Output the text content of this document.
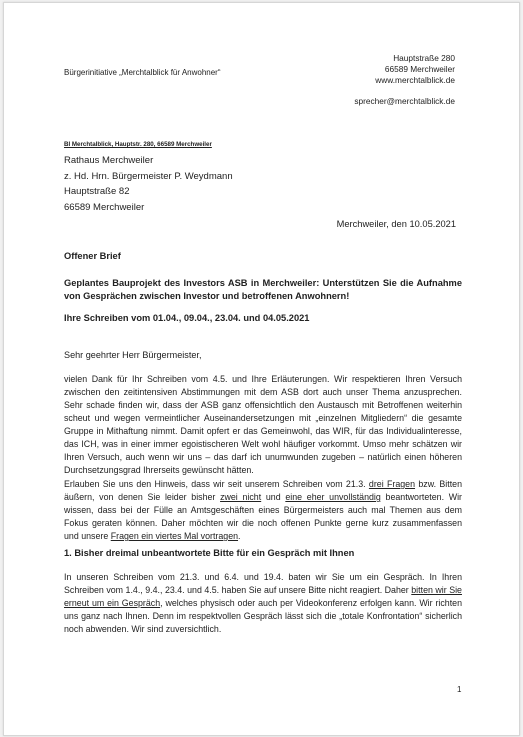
Bürgerinitiative „Merchtalblick für Anwohner“
Hauptstraße 280
66589 Merchweiler
www.merchtalblick.de
sprecher@merchtalblick.de
BI Merchtalblick, Hauptstr. 280, 66589 Merchweiler
Rathaus Merchweiler
z. Hd. Hrn. Bürgermeister P. Weydmann
Hauptstraße 82
66589 Merchweiler
Merchweiler, den 10.05.2021
Offener Brief
Geplantes Bauprojekt des Investors ASB in Merchweiler: Unterstützen Sie die Aufnahme von Gesprächen zwischen Investor und betroffenen Anwohnern!
Ihre Schreiben vom 01.04., 09.04., 23.04. und 04.05.2021
Sehr geehrter Herr Bürgermeister,
vielen Dank für Ihr Schreiben vom 4.5. und Ihre Erläuterungen. Wir respektieren Ihren Versuch zwischen den zeitintensiven Abstimmungen mit dem ASB dort auch unser Thema anzusprechen. Sehr schade finden wir, dass der ASB ganz offensichtlich den Austausch mit Betroffenen weiterhin scheut und wegen vermeintlicher Auseinandersetzungen mit „einzelnen Mitgliedern“ die gesamte Gruppe in Mithaftung nimmt. Damit opfert er das Gemeinwohl, das WIR, für das Individualinteresse, das ICH, was in einer immer egoistischeren Welt wohl häufiger vorkommt. Umso mehr schätzen wir Ihren Versuch, auch wenn wir uns – das darf ich unumwunden zugeben – natürlich einen höheren Durchsetzungsgrad Ihrerseits gewünscht hätten.
Erlauben Sie uns den Hinweis, dass wir seit unserem Schreiben vom 21.3. drei Fragen bzw. Bitten äußern, von denen Sie leider bisher zwei nicht und eine eher unvollständig beantworteten. Wir wissen, dass bei der Fülle an Amtsgeschäften eines Bürgermeisters auch mal Themen aus dem Fokus geraten können. Daher möchten wir die noch offenen Punkte gerne kurz zusammenfassen und unsere Fragen ein viertes Mal vortragen.
1. Bisher dreimal unbeantwortete Bitte für ein Gespräch mit Ihnen
In unseren Schreiben vom 21.3. und 6.4. und 19.4. baten wir Sie um ein Gespräch. In Ihren Schreiben vom 1.4., 9.4., 23.4. und 4.5. haben Sie auf unsere Bitte nicht reagiert. Daher bitten wir Sie erneut um ein Gespräch, welches physisch oder auch per Videokonferenz erfolgen kann. Wir richten uns ganz nach Ihnen. Denn im respektvollen Gespräch lässt sich die „totale Konfrontation“ sicherlich noch abwenden. Wir sind zuversichtlich.
1
